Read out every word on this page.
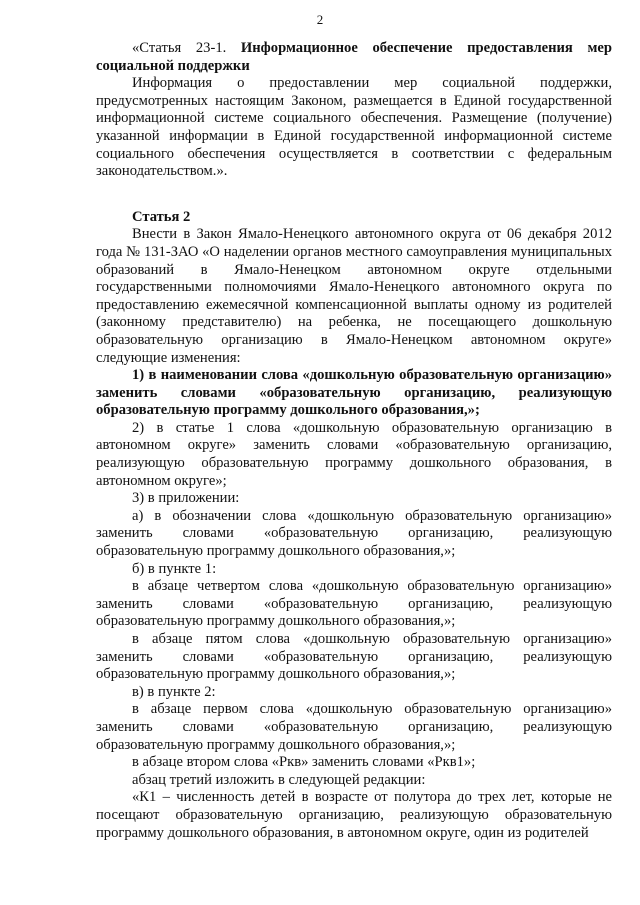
2

«Статья 23-1. Информационное обеспечение предоставления мер социальной поддержки

Информация о предоставлении мер социальной поддержки, предусмотренных настоящим Законом, размещается в Единой государственной информационной системе социального обеспечения. Размещение (получение) указанной информации в Единой государственной информационной системе социального обеспечения осуществляется в соответствии с федеральным законодательством.».

Статья 2

Внести в Закон Ямало-Ненецкого автономного округа от 06 декабря 2012 года № 131-ЗАО «О наделении органов местного самоуправления муниципальных образований в Ямало-Ненецком автономном округе отдельными государственными полномочиями Ямало-Ненецкого автономного округа по предоставлению ежемесячной компенсационной выплаты одному из родителей (законному представителю) на ребенка, не посещающего дошкольную образовательную организацию в Ямало-Ненецком автономном округе» следующие изменения:

1) в наименовании слова «дошкольную образовательную организацию» заменить словами «образовательную организацию, реализующую образовательную программу дошкольного образования,»;

2) в статье 1 слова «дошкольную образовательную организацию в автономном округе» заменить словами «образовательную организацию, реализующую образовательную программу дошкольного образования, в автономном округе»;

3) в приложении:

а) в обозначении слова «дошкольную образовательную организацию» заменить словами «образовательную организацию, реализующую образовательную программу дошкольного образования,»;

б) в пункте 1:

в абзаце четвертом слова «дошкольную образовательную организацию» заменить словами «образовательную организацию, реализующую образовательную программу дошкольного образования,»;

в абзаце пятом слова «дошкольную образовательную организацию» заменить словами «образовательную организацию, реализующую образовательную программу дошкольного образования,»;

в) в пункте 2:

в абзаце первом слова «дошкольную образовательную организацию» заменить словами «образовательную организацию, реализующую образовательную программу дошкольного образования,»;

в абзаце втором слова «Ркв» заменить словами «Ркв1»;

абзац третий изложить в следующей редакции:

«К1 – численность детей в возрасте от полутора до трех лет, которые не посещают образовательную организацию, реализующую образовательную программу дошкольного образования, в автономном округе, один из родителей
